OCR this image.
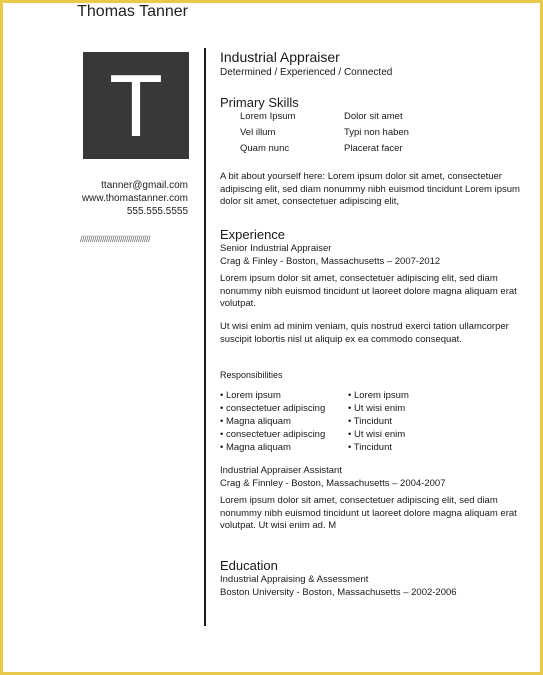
T
Thomas Tanner
ttanner@gmail.com
www.thomastanner.com
555.555.5555
///////////////////////////////////
Industrial Appraiser
Determined / Experienced / Connected
Primary Skills
Lorem Ipsum	Dolor sit amet
Vel illum	Typi non haben
Quam nunc	Placerat facer
A bit about yourself here: Lorem ipsum dolor sit amet, consectetuer adipiscing elit, sed diam nonummy nibh euismod tincidunt Lorem ipsum dolor sit amet, consectetuer adipiscing elit,
Experience
Senior Industrial Appraiser
Crag & Finley - Boston, Massachusetts – 2007-2012
Lorem ipsum dolor sit amet, consectetuer adipiscing elit, sed diam nonummy nibh euismod tincidunt ut laoreet dolore magna aliquam erat volutpat.
Ut wisi enim ad minim veniam, quis nostrud exerci tation ullamcorper suscipit lobortis nisl ut aliquip ex ea commodo consequat.
Responsibilities
• Lorem ipsum	• Lorem ipsum
• consectetuer adipiscing	• Ut wisi enim
• Magna aliquam	• Tincidunt
• consectetuer adipiscing	• Ut wisi enim
• Magna aliquam	• Tincidunt
Industrial Appraiser Assistant
Crag & Finnley - Boston, Massachusetts – 2004-2007
Lorem ipsum dolor sit amet, consectetuer adipiscing elit, sed diam nonummy nibh euismod tincidunt ut laoreet dolore magna aliquam erat volutpat. Ut wisi enim ad. M
Education
Industrial Appraising & Assessment
Boston University - Boston, Massachusetts – 2002-2006
